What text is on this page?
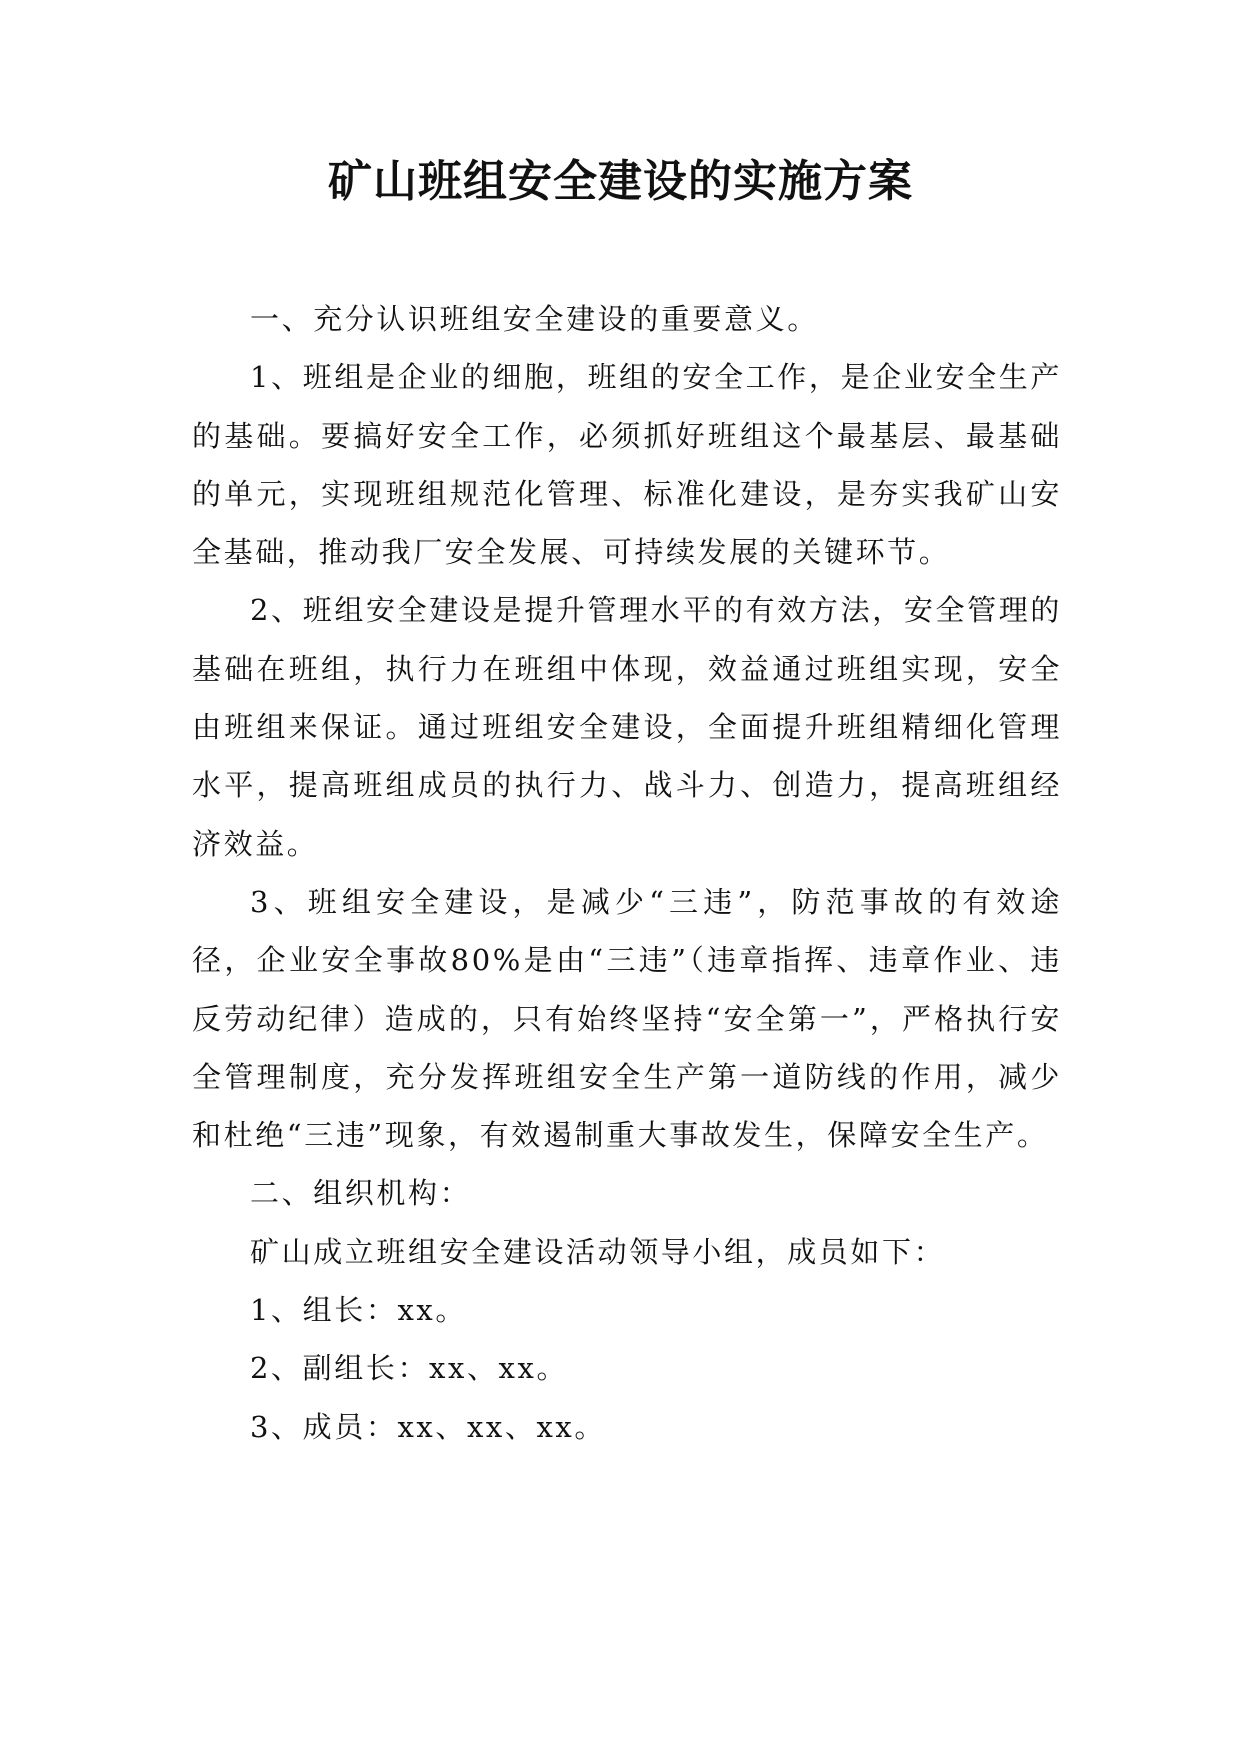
矿山班组安全建设的实施方案

一、充分认识班组安全建设的重要意义。

1、班组是企业的细胞，班组的安全工作，是企业安全生产的基础。要搞好安全工作，必须抓好班组这个最基层、最基础的单元，实现班组规范化管理、标准化建设，是夯实我矿山安全基础，推动我厂安全发展、可持续发展的关键环节。

2、班组安全建设是提升管理水平的有效方法，安全管理的基础在班组，执行力在班组中体现，效益通过班组实现，安全由班组来保证。通过班组安全建设，全面提升班组精细化管理水平，提高班组成员的执行力、战斗力、创造力，提高班组经济效益。

3、班组安全建设，是减少“三违”，防范事故的有效途径，企业安全事故80%是由“三违”（违章指挥、违章作业、违反劳动纪律）造成的，只有始终坚持“安全第一”，严格执行安全管理制度，充分发挥班组安全生产第一道防线的作用，减少和杜绝“三违”现象，有效遏制重大事故发生，保障安全生产。

二、组织机构：

矿山成立班组安全建设活动领导小组，成员如下：

1、组长：xx。

2、副组长：xx、xx。

3、成员：xx、xx、xx。
